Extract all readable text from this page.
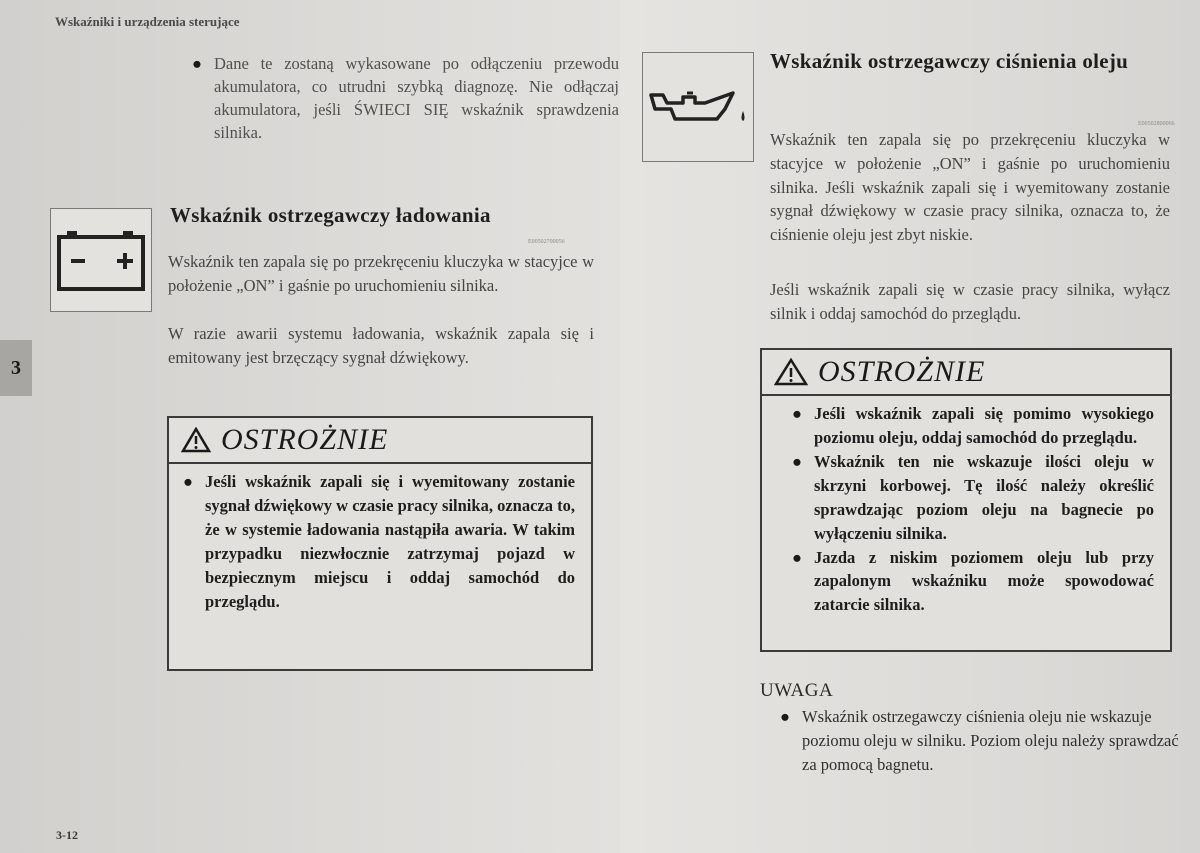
Wskaźniki i urządzenia sterujące
● Dane te zostaną wykasowane po odłączeniu przewodu akumulatora, co utrudni szybką diagnozę. Nie odłączaj akumulatora, jeśli ŚWIECI SIĘ wskaźnik sprawdzenia silnika.
Wskaźnik ostrzegawczy ładowania
E00502700056
Wskaźnik ten zapala się po przekręceniu kluczyka w stacyjce w położenie „ON” i gaśnie po uruchomieniu silnika.
W razie awarii systemu ładowania, wskaźnik zapala się i emitowany jest brzęczący sygnał dźwiękowy.
OSTROŻNIE
● Jeśli wskaźnik zapali się i wyemitowany zostanie sygnał dźwiękowy w czasie pracy silnika, oznacza to, że w systemie ładowania nastąpiła awaria. W takim przypadku niezwłocznie zatrzymaj pojazd w bezpiecznym miejscu i oddaj samochód do przeglądu.
3
3-12
Wskaźnik ostrzegawczy ciśnienia oleju
E00502800066
Wskaźnik ten zapala się po przekręceniu kluczyka w stacyjce w położenie „ON” i gaśnie po uruchomieniu silnika. Jeśli wskaźnik zapali się i wyemitowany zostanie sygnał dźwiękowy w czasie pracy silnika, oznacza to, że ciśnienie oleju jest zbyt niskie.
Jeśli wskaźnik zapali się w czasie pracy silnika, wyłącz silnik i oddaj samochód do przeglądu.
OSTROŻNIE
● Jeśli wskaźnik zapali się pomimo wysokiego poziomu oleju, oddaj samochód do przeglądu.
● Wskaźnik ten nie wskazuje ilości oleju w skrzyni korbowej. Tę ilość należy określić sprawdzając poziom oleju na bagnecie po wyłączeniu silnika.
● Jazda z niskim poziomem oleju lub przy zapalonym wskaźniku może spowodować zatarcie silnika.
UWAGA
● Wskaźnik ostrzegawczy ciśnienia oleju nie wskazuje poziomu oleju w silniku. Poziom oleju należy sprawdzać za pomocą bagnetu.
